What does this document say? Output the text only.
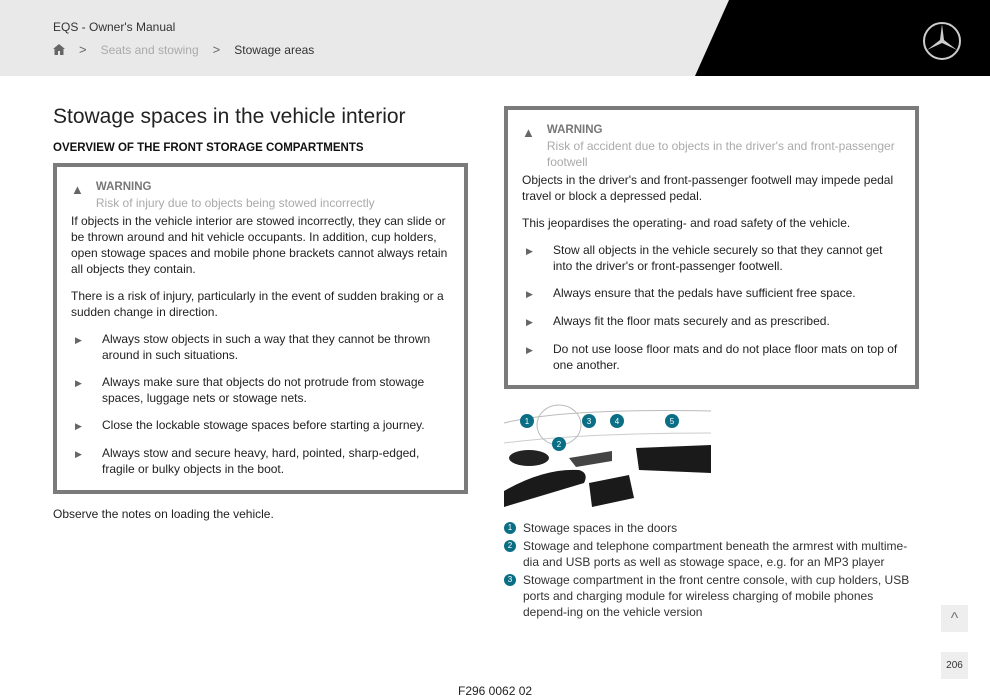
EQS - Owner's Manual
> Seats and stowing > Stowage areas
Stowage spaces in the vehicle interior
OVERVIEW OF THE FRONT STORAGE COMPARTMENTS
▲ WARNING
Risk of injury due to objects being stowed incorrectly

If objects in the vehicle interior are stowed incorrectly, they can slide or be thrown around and hit vehicle occupants. In addition, cup holders, open stowage spaces and mobile phone brackets cannot always retain all objects they contain.

There is a risk of injury, particularly in the event of sudden braking or a sudden change in direction.

▶	Always stow objects in such a way that they cannot be thrown around in such situations.
▶	Always make sure that objects do not protrude from stowage spaces, luggage nets or stowage nets.
▶	Close the lockable stowage spaces before starting a journey.
▶	Always stow and secure heavy, hard, pointed, sharp-edged, fragile or bulky objects in the boot.
Observe the notes on loading the vehicle.
▲ WARNING
Risk of accident due to objects in the driver's and front-passenger footwell

Objects in the driver's and front-passenger footwell may impede pedal travel or block a depressed pedal.

This jeopardises the operating- and road safety of the vehicle.

▶	Stow all objects in the vehicle securely so that they cannot get into the driver's or front-passenger footwell.
▶	Always ensure that the pedals have sufficient free space.
▶	Always fit the floor mats securely and as prescribed.
▶	Do not use loose floor mats and do not place floor mats on top of one another.
1
2
3	4	5
1 Stowage spaces in the doors
2 Stowage and telephone compartment beneath the armrest with multime-dia and USB ports as well as stowage space, e.g. for an MP3 player
3 Stowage compartment in the front centre console, with cup holders, USB ports and charging module for wireless charging of mobile phones depend-ing on the vehicle version	^
206
F296 0062 02
